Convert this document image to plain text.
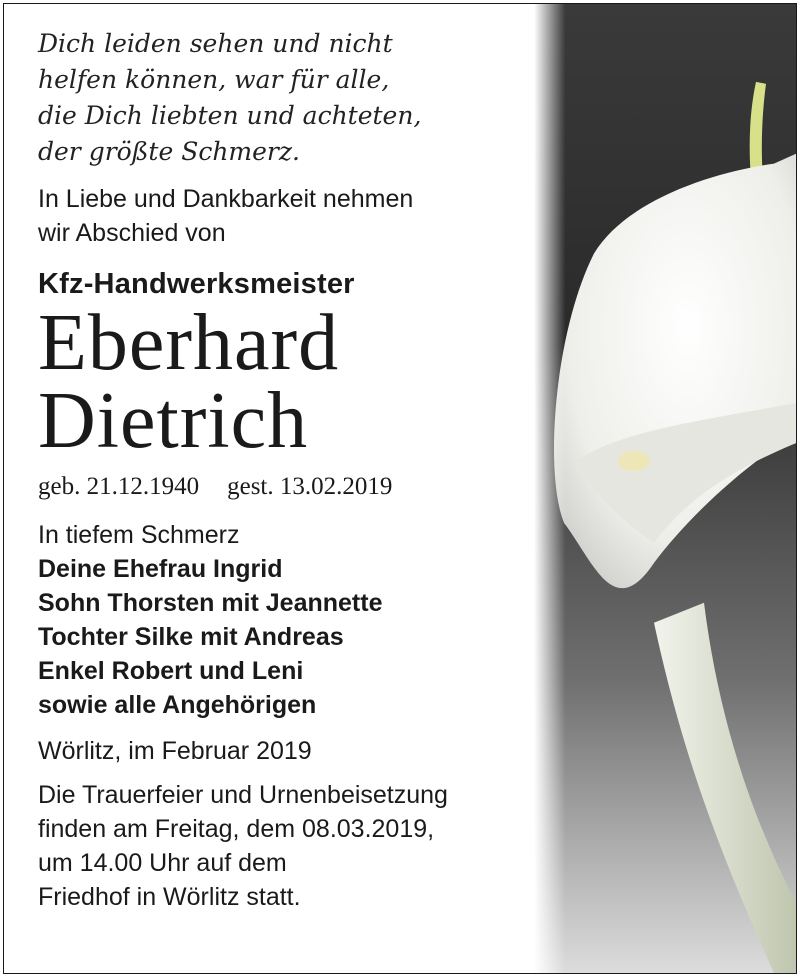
Dich leiden sehen und nicht
helfen können, war für alle,
die Dich liebten und achteten,
der größte Schmerz.
In Liebe und Dankbarkeit nehmen
wir Abschied von
Kfz-Handwerksmeister
Eberhard
Dietrich
geb. 21.12.1940 gest. 13.02.2019
In tiefem Schmerz
Deine Ehefrau Ingrid
Sohn Thorsten mit Jeannette
Tochter Silke mit Andreas
Enkel Robert und Leni
sowie alle Angehörigen
Wörlitz, im Februar 2019
Die Trauerfeier und Urnenbeisetzung
finden am Freitag, dem 08.03.2019,
um 14.00 Uhr auf dem
Friedhof in Wörlitz statt.
